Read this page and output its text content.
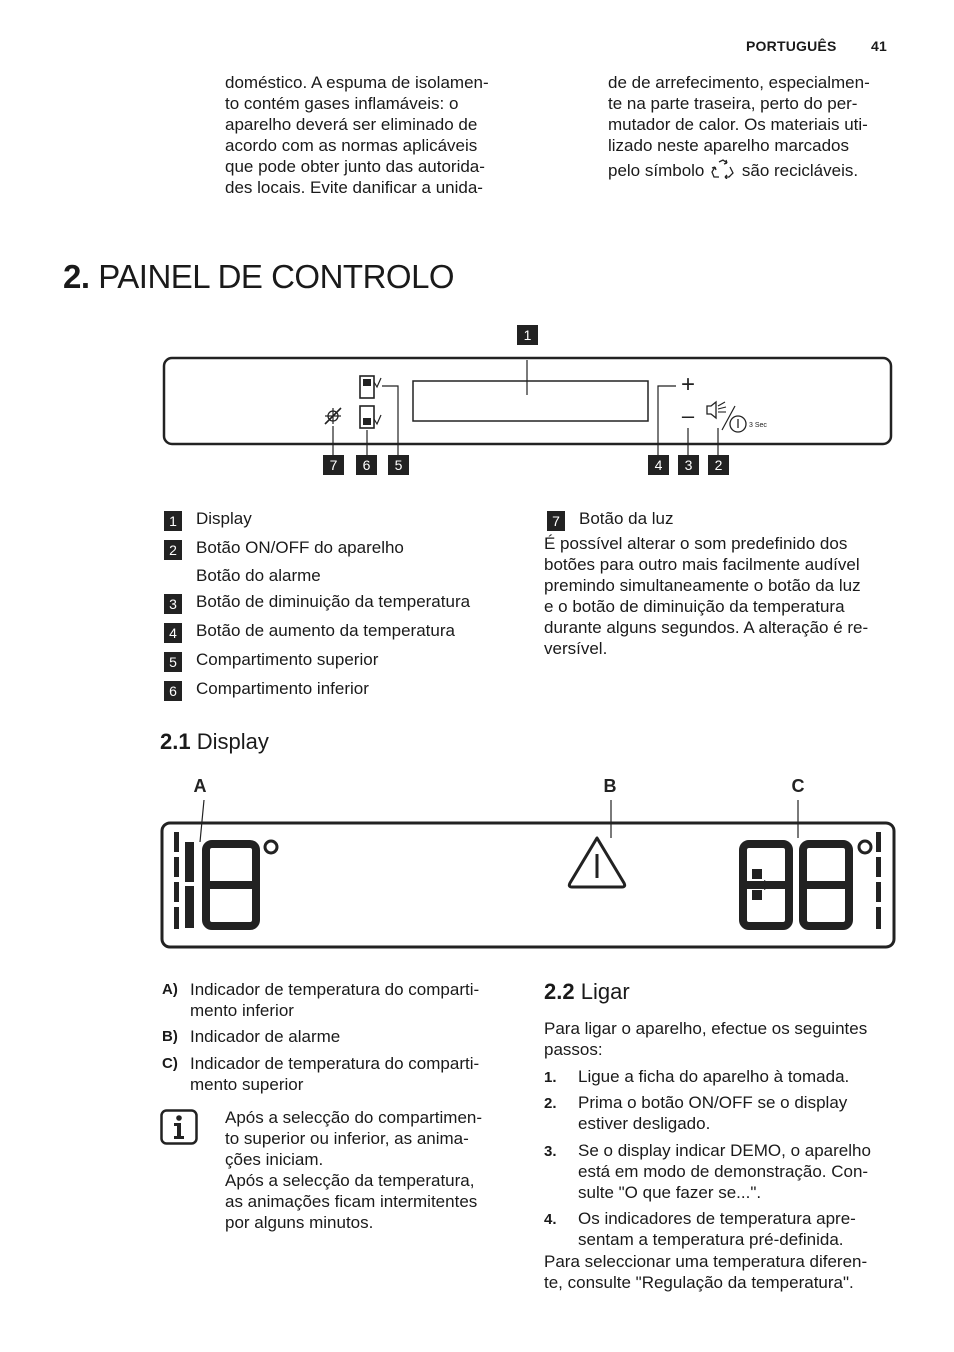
PORTUGUÊS 41
doméstico. A espuma de isolamen-
to contém gases inflamáveis: o
aparelho deverá ser eliminado de
acordo com as normas aplicáveis
que pode obter junto das autorida-
des locais. Evite danificar a unida-
de de arrefecimento, especialmen-
te na parte traseira, perto do per-
mutador de calor. Os materiais uti-
lizado neste aparelho marcados
pelo símbolo são recicláveis.
2. PAINEL DE CONTROLO
1
+
–	3 Sec
7 6 5	4 3 2
1	Display
2	Botão ON/OFF do aparelho
Botão do alarme
3	Botão de diminuição da temperatura
4	Botão de aumento da temperatura
5	Compartimento superior
6	Compartimento inferior
7	Botão da luz
É possível alterar o som predefinido dos
botões para outro mais facilmente audível
premindo simultaneamente o botão da luz
e o botão de diminuição da temperatura
durante alguns segundos. A alteração é re-
versível.
2.1 Display
A	B	C
A) Indicador de temperatura do comparti-
mento inferior
B) Indicador de alarme
C) Indicador de temperatura do comparti-
mento superior
Após a selecção do compartimen-
to superior ou inferior, as anima-
ções iniciam.
Após a selecção da temperatura,
as animações ficam intermitentes
por alguns minutos.
2.2 Ligar
Para ligar o aparelho, efectue os seguintes
passos:
1. Ligue a ficha do aparelho à tomada.
2. Prima o botão ON/OFF se o display
estiver desligado.
3. Se o display indicar DEMO, o aparelho
está em modo de demonstração. Con-
sulte "O que fazer se...".
4. Os indicadores de temperatura apre-
sentam a temperatura pré-definida.
Para seleccionar uma temperatura diferen-
te, consulte "Regulação da temperatura".
